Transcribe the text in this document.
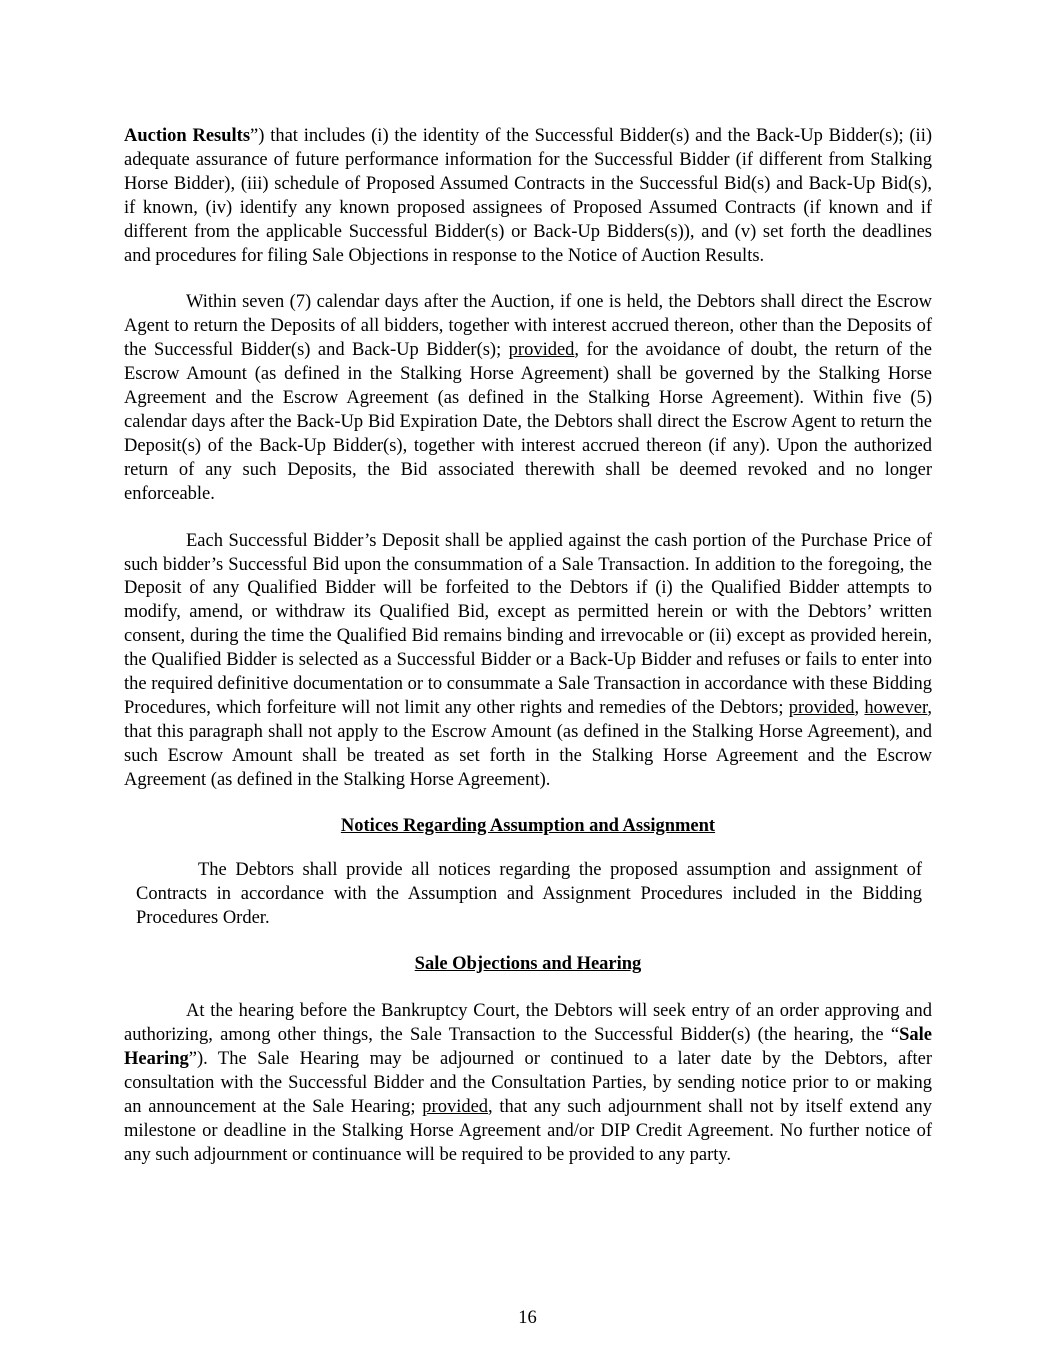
Auction Results”) that includes (i) the identity of the Successful Bidder(s) and the Back-Up Bidder(s); (ii) adequate assurance of future performance information for the Successful Bidder (if different from Stalking Horse Bidder), (iii) schedule of Proposed Assumed Contracts in the Successful Bid(s) and Back-Up Bid(s), if known, (iv) identify any known proposed assignees of Proposed Assumed Contracts (if known and if different from the applicable Successful Bidder(s) or Back-Up Bidders(s)), and (v) set forth the deadlines and procedures for filing Sale Objections in response to the Notice of Auction Results.

Within seven (7) calendar days after the Auction, if one is held, the Debtors shall direct the Escrow Agent to return the Deposits of all bidders, together with interest accrued thereon, other than the Deposits of the Successful Bidder(s) and Back-Up Bidder(s); provided, for the avoidance of doubt, the return of the Escrow Amount (as defined in the Stalking Horse Agreement) shall be governed by the Stalking Horse Agreement and the Escrow Agreement (as defined in the Stalking Horse Agreement). Within five (5) calendar days after the Back-Up Bid Expiration Date, the Debtors shall direct the Escrow Agent to return the Deposit(s) of the Back-Up Bidder(s), together with interest accrued thereon (if any). Upon the authorized return of any such Deposits, the Bid associated therewith shall be deemed revoked and no longer enforceable.

Each Successful Bidder’s Deposit shall be applied against the cash portion of the Purchase Price of such bidder’s Successful Bid upon the consummation of a Sale Transaction. In addition to the foregoing, the Deposit of any Qualified Bidder will be forfeited to the Debtors if (i) the Qualified Bidder attempts to modify, amend, or withdraw its Qualified Bid, except as permitted herein or with the Debtors’ written consent, during the time the Qualified Bid remains binding and irrevocable or (ii) except as provided herein, the Qualified Bidder is selected as a Successful Bidder or a Back-Up Bidder and refuses or fails to enter into the required definitive documentation or to consummate a Sale Transaction in accordance with these Bidding Procedures, which forfeiture will not limit any other rights and remedies of the Debtors; provided, however, that this paragraph shall not apply to the Escrow Amount (as defined in the Stalking Horse Agreement), and such Escrow Amount shall be treated as set forth in the Stalking Horse Agreement and the Escrow Agreement (as defined in the Stalking Horse Agreement).

Notices Regarding Assumption and Assignment

The Debtors shall provide all notices regarding the proposed assumption and assignment of Contracts in accordance with the Assumption and Assignment Procedures included in the Bidding Procedures Order.

Sale Objections and Hearing

At the hearing before the Bankruptcy Court, the Debtors will seek entry of an order approving and authorizing, among other things, the Sale Transaction to the Successful Bidder(s) (the hearing, the “Sale Hearing”). The Sale Hearing may be adjourned or continued to a later date by the Debtors, after consultation with the Successful Bidder and the Consultation Parties, by sending notice prior to or making an announcement at the Sale Hearing; provided, that any such adjournment shall not by itself extend any milestone or deadline in the Stalking Horse Agreement and/or DIP Credit Agreement. No further notice of any such adjournment or continuance will be required to be provided to any party.

16
